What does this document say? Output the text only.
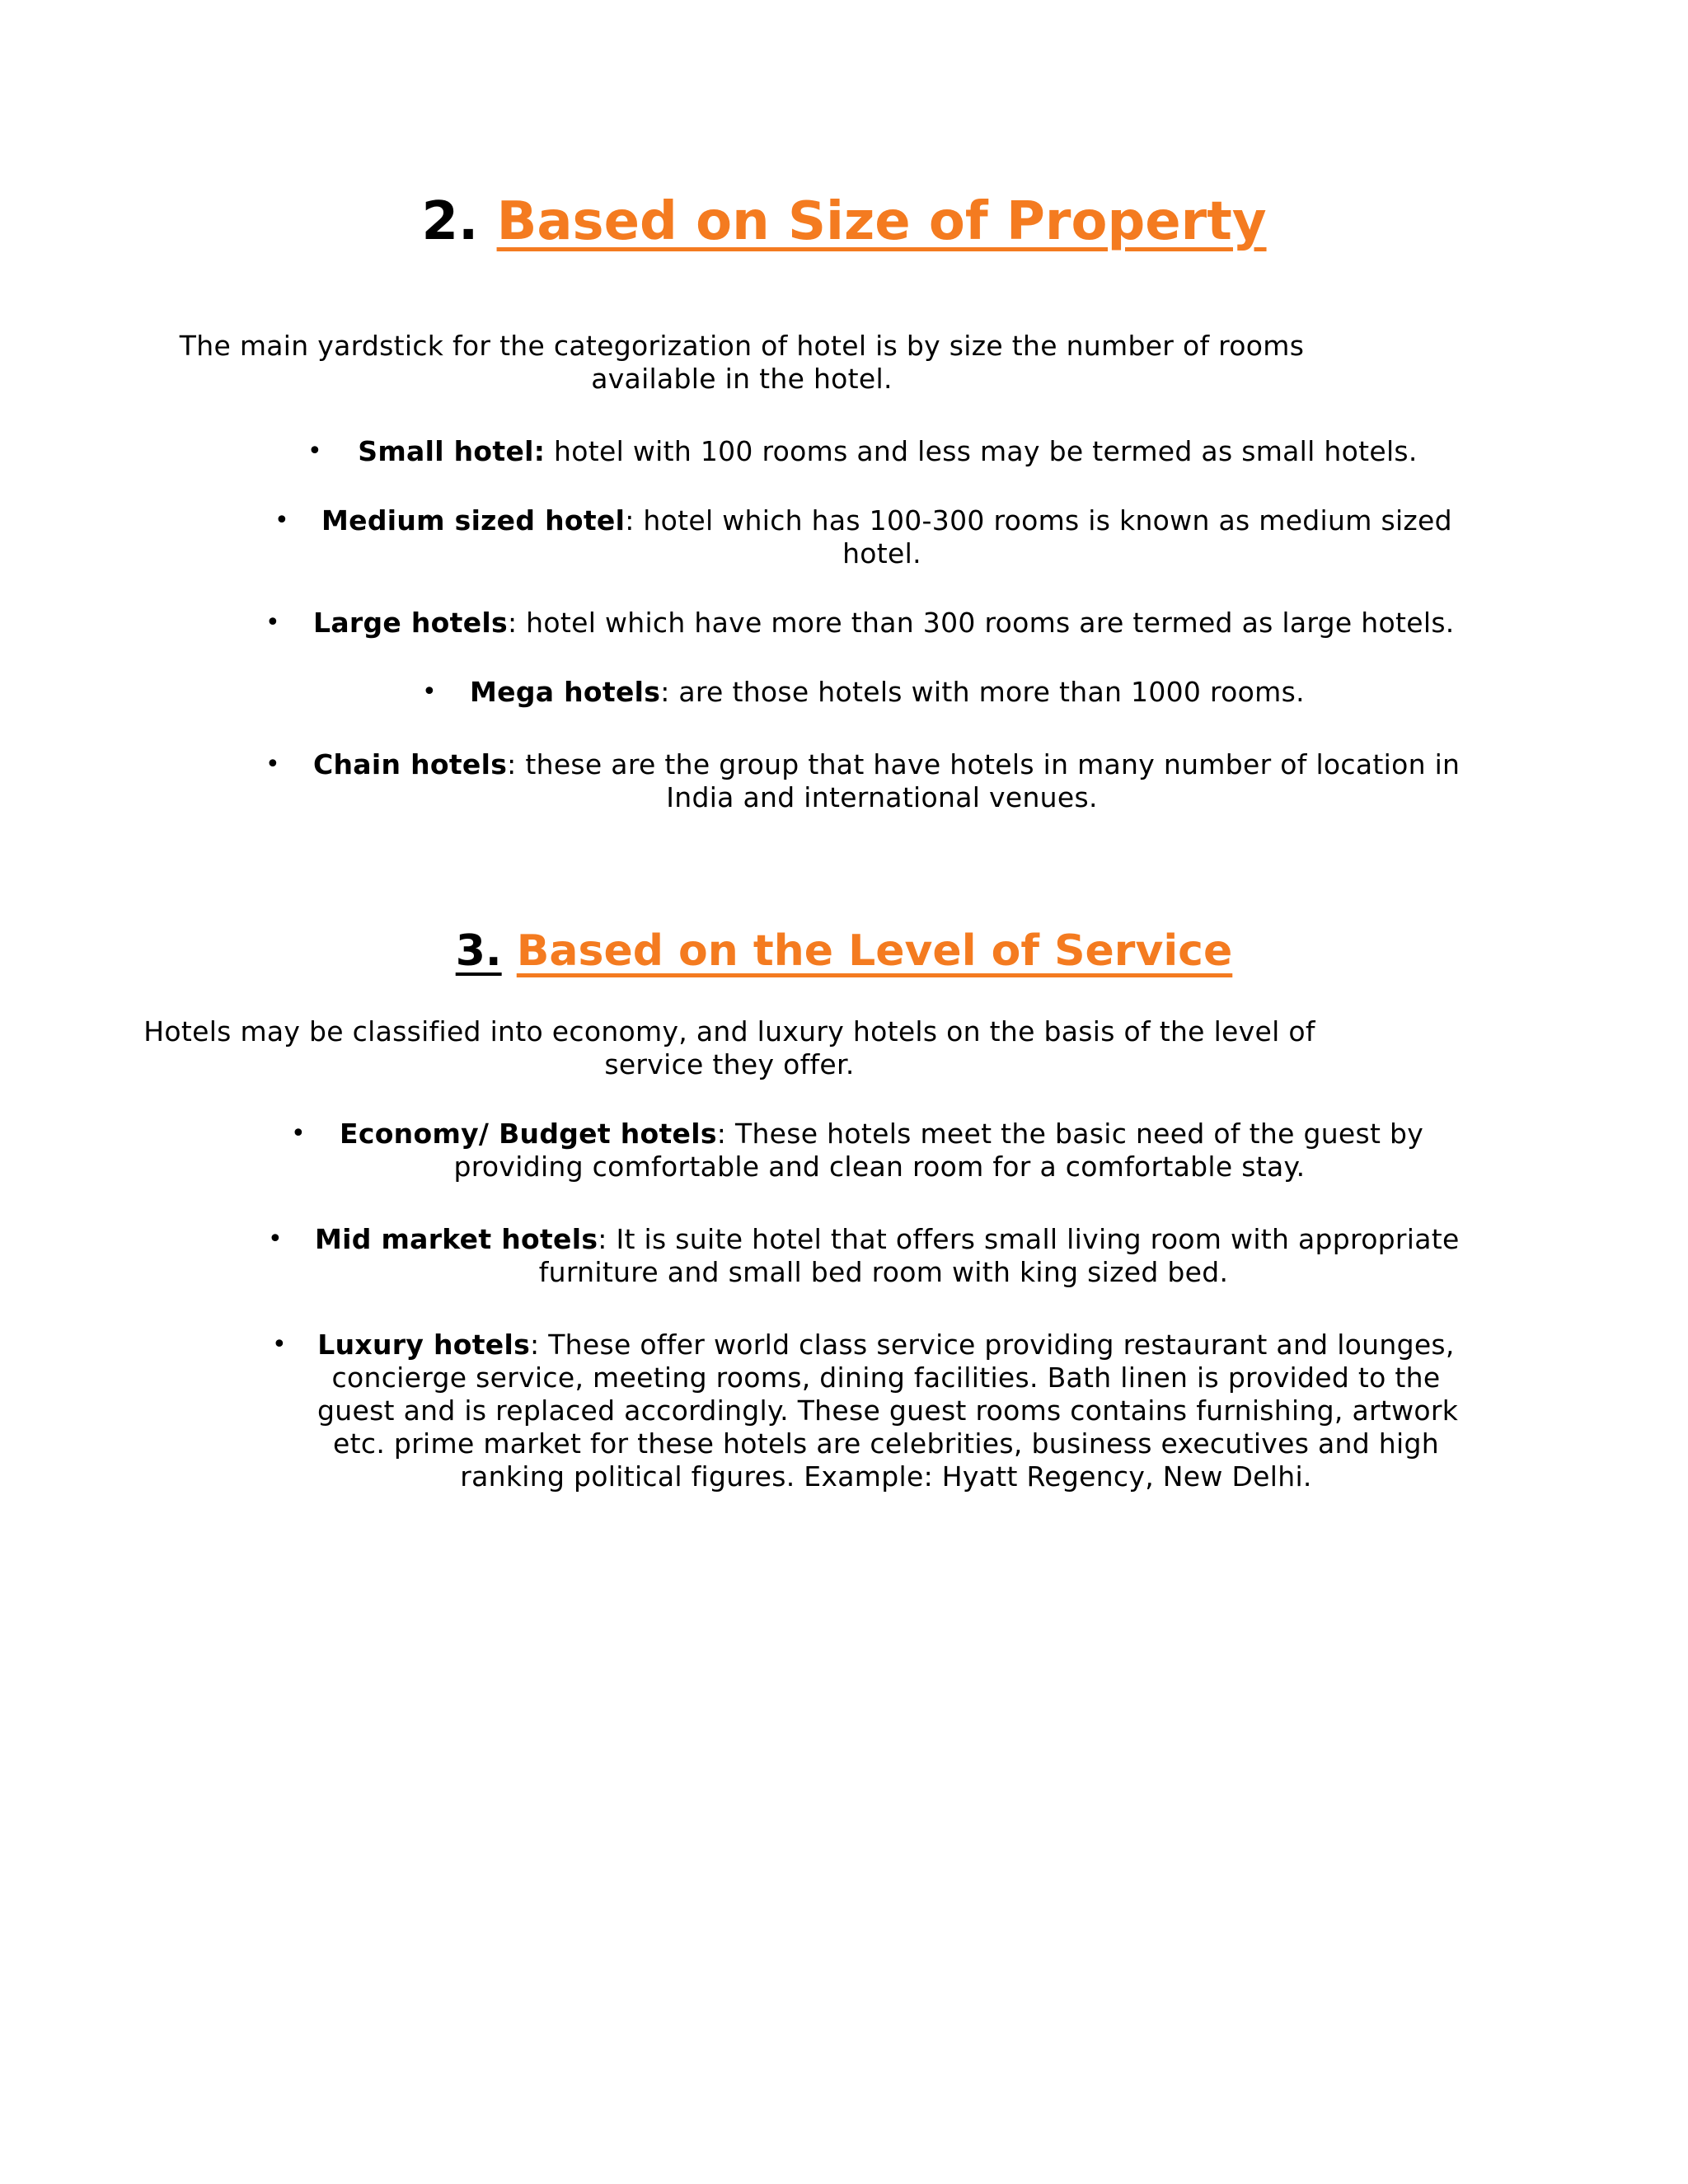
2. Based on Size of Property
The main yardstick for the categorization of hotel is by size the number of rooms
available in the hotel.
• Small hotel: hotel with 100 rooms and less may be termed as small hotels.
• Medium sized hotel: hotel which has 100-300 rooms is known as medium sized
hotel.
• Large hotels: hotel which have more than 300 rooms are termed as large hotels.
• Mega hotels: are those hotels with more than 1000 rooms.
• Chain hotels: these are the group that have hotels in many number of location in
India and international venues.
3. Based on the Level of Service
Hotels may be classified into economy, and luxury hotels on the basis of the level of
service they offer.
• Economy/ Budget hotels: These hotels meet the basic need of the guest by
providing comfortable and clean room for a comfortable stay.
• Mid market hotels: It is suite hotel that offers small living room with appropriate
furniture and small bed room with king sized bed.
• Luxury hotels: These offer world class service providing restaurant and lounges,
concierge service, meeting rooms, dining facilities. Bath linen is provided to the
guest and is replaced accordingly. These guest rooms contains furnishing, artwork
etc. prime market for these hotels are celebrities, business executives and high
ranking political figures. Example: Hyatt Regency, New Delhi.
